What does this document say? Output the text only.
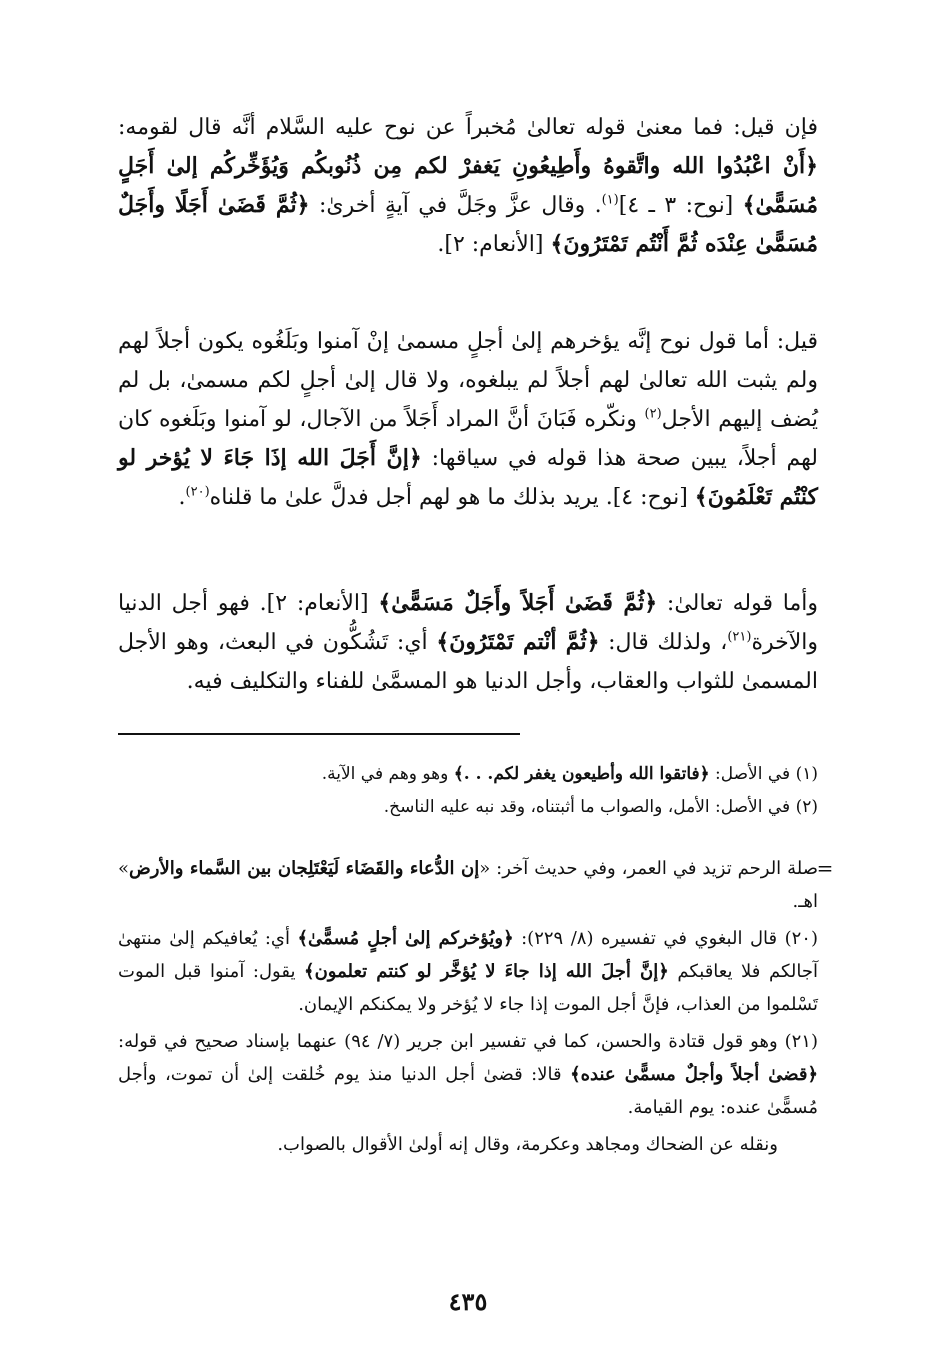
فإن قيل: فما معنىٰ قوله تعالىٰ مُخبراً عن نوح عليه السَّلام أنَّه قال لقومه: ﴿أَنْ اعْبُدُوا الله واتَّقوهُ وأَطِيعُونِ يَغفرْ لكم مِن ذُنُوبكُم وَيُؤَخِّركُم إلىٰ أَجَلٍ مُسَمًّىٰ﴾ [نوح: ٣ ـ ٤]$^{(١)}$. وقال عزَّ وجَلَّ في آيةٍ أخرىٰ: ﴿ثُمَّ قَضَىٰ أَجَلًا وأَجَلٌ مُسَمًّىٰ عِنْدَه ثُمَّ أَنْتُم تَمْتَرُونَ﴾ [الأنعام: ٢].

قيل: أما قول نوح إنَّه يؤخرهم إلىٰ أجلٍ مسمىٰ إنْ آمنوا وبَلَغُوه يكون أجلاً لهم ولم يثبت الله تعالىٰ لهم أجلاً لم يبلغوه، ولا قال إلىٰ أجلٍ لكم مسمىٰ، بل لم يُضف إليهم الأجل$^{(٢)}$ ونكّره فَبَانَ أنَّ المراد أَجَلاً من الآجال، لو آمنوا وبَلَغوه كان لهم أجلاً، يبين صحة هذا قوله في سياقها: ﴿إنَّ أَجَلَ الله إذَا جَاءَ لا يُؤخر لو كنْتُم تَعْلَمُونَ﴾ [نوح: ٤]. يريد بذلك ما هو لهم أجل فدلَّ علىٰ ما قلناه$^{(٢٠)}$.

وأما قوله تعالىٰ: ﴿ثُمَّ قَضَىٰ أَجَلاً وأَجَلٌ مَسَمًّىٰ﴾ [الأنعام: ٢]. فهو أجل الدنيا والآخرة$^{(٢١)}$، ولذلك قال: ﴿ثُمَّ أنْتم تَمْتَرُونَ﴾ أي: تَشُكُّون في البعث، وهو الأجل المسمىٰ للثواب والعقاب، وأجل الدنيا هو المسمَّىٰ للفناء والتكليف فيه.

(١) في الأصل: ﴿فاتقوا الله وأطيعون يغفر لكم. . .﴾ وهو وهم في الآية.
(٢) في الأصل: الأمل، والصواب ما أثبتناه، وقد نبه عليه الناسخ.
=

صلة الرحم تزيد في العمر، وفي حديث آخر: «إن الدُّعاء والقَضَاء لَيَعْتَلِجان بين السَّماء والأرض» اهـ.

(٢٠) قال البغوي في تفسيره (٨/ ٢٢٩): ﴿ويُؤخركم إلىٰ أجلٍ مُسمًّىٰ﴾ أي: يُعافيكم إلىٰ منتهىٰ آجالكم فلا يعاقبكم ﴿إنَّ أجلَ الله إذا جاءَ لا يُؤخَّر لو كنتم تعلمون﴾ يقول: آمنوا قبل الموت تَسْلموا من العذاب، فإنَّ أجل الموت إذا جاء لا يُؤخر ولا يمكنكم الإيمان.

(٢١) وهو قول قتادة والحسن، كما في تفسير ابن جرير (٧/ ٩٤) عنهما بإسناد صحيح في قوله: ﴿قضىٰ أجلاً وأجلٌ مسمًّىٰ عنده﴾ قالا: قضىٰ أجل الدنيا منذ يوم خُلقت إلىٰ أن تموت، وأجل مُسمًّىٰ عنده: يوم القيامة.

ونقله عن الضحاك ومجاهد وعكرمة، وقال إنه أولىٰ الأقوال بالصواب.

٤٣٥
